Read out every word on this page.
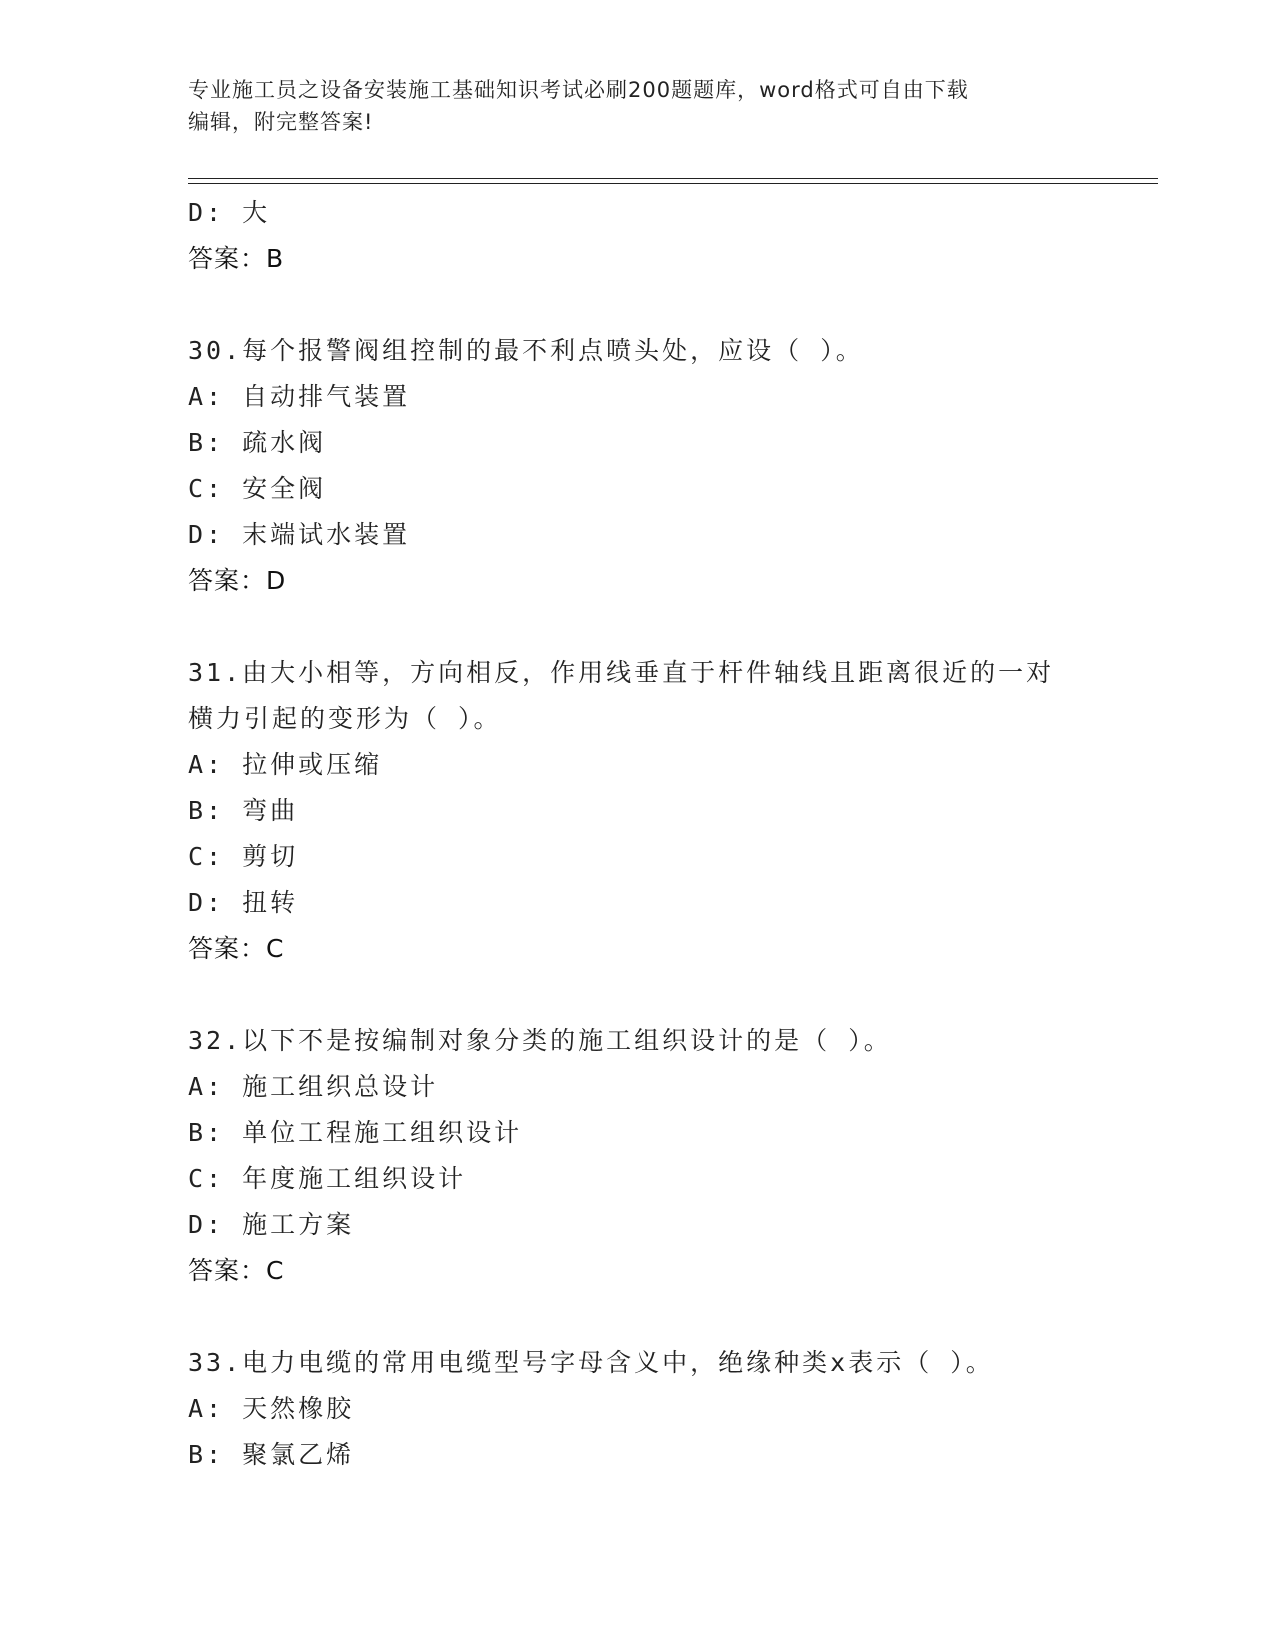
专业施工员之设备安装施工基础知识考试必刷200题题库，word格式可自由下载
编辑，附完整答案!
D: 大
答案：B
30.每个报警阀组控制的最不利点喷头处，应设（ ）。
A: 自动排气装置
B: 疏水阀
C: 安全阀
D: 末端试水装置
答案：D
31.由大小相等，方向相反，作用线垂直于杆件轴线且距离很近的一对
横力引起的变形为（ ）。
A: 拉伸或压缩
B: 弯曲
C: 剪切
D: 扭转
答案：C
32.以下不是按编制对象分类的施工组织设计的是（ ）。
A: 施工组织总设计
B: 单位工程施工组织设计
C: 年度施工组织设计
D: 施工方案
答案：C
33.电力电缆的常用电缆型号字母含义中，绝缘种类x表示（ ）。
A: 天然橡胶
B: 聚氯乙烯
